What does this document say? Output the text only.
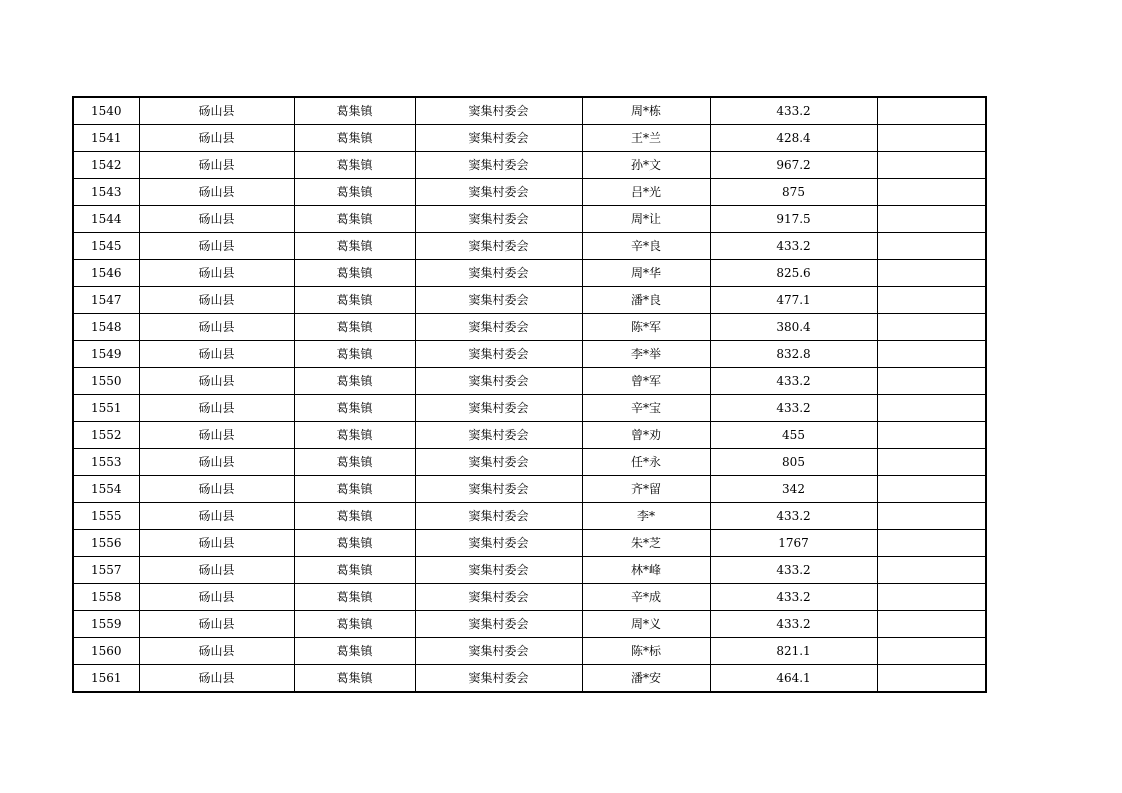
1540	砀山县	葛集镇	窦集村委会	周*栋	433.2	
1541	砀山县	葛集镇	窦集村委会	王*兰	428.4	
1542	砀山县	葛集镇	窦集村委会	孙*文	967.2	
1543	砀山县	葛集镇	窦集村委会	吕*光	875	
1544	砀山县	葛集镇	窦集村委会	周*让	917.5	
1545	砀山县	葛集镇	窦集村委会	辛*良	433.2	
1546	砀山县	葛集镇	窦集村委会	周*华	825.6	
1547	砀山县	葛集镇	窦集村委会	潘*良	477.1	
1548	砀山县	葛集镇	窦集村委会	陈*军	380.4	
1549	砀山县	葛集镇	窦集村委会	李*举	832.8	
1550	砀山县	葛集镇	窦集村委会	曾*军	433.2	
1551	砀山县	葛集镇	窦集村委会	辛*宝	433.2	
1552	砀山县	葛集镇	窦集村委会	曾*劝	455	
1553	砀山县	葛集镇	窦集村委会	任*永	805	
1554	砀山县	葛集镇	窦集村委会	齐*留	342	
1555	砀山县	葛集镇	窦集村委会	李*	433.2	
1556	砀山县	葛集镇	窦集村委会	朱*芝	1767	
1557	砀山县	葛集镇	窦集村委会	林*峰	433.2	
1558	砀山县	葛集镇	窦集村委会	辛*成	433.2	
1559	砀山县	葛集镇	窦集村委会	周*义	433.2	
1560	砀山县	葛集镇	窦集村委会	陈*标	821.1	
1561	砀山县	葛集镇	窦集村委会	潘*安	464.1	
